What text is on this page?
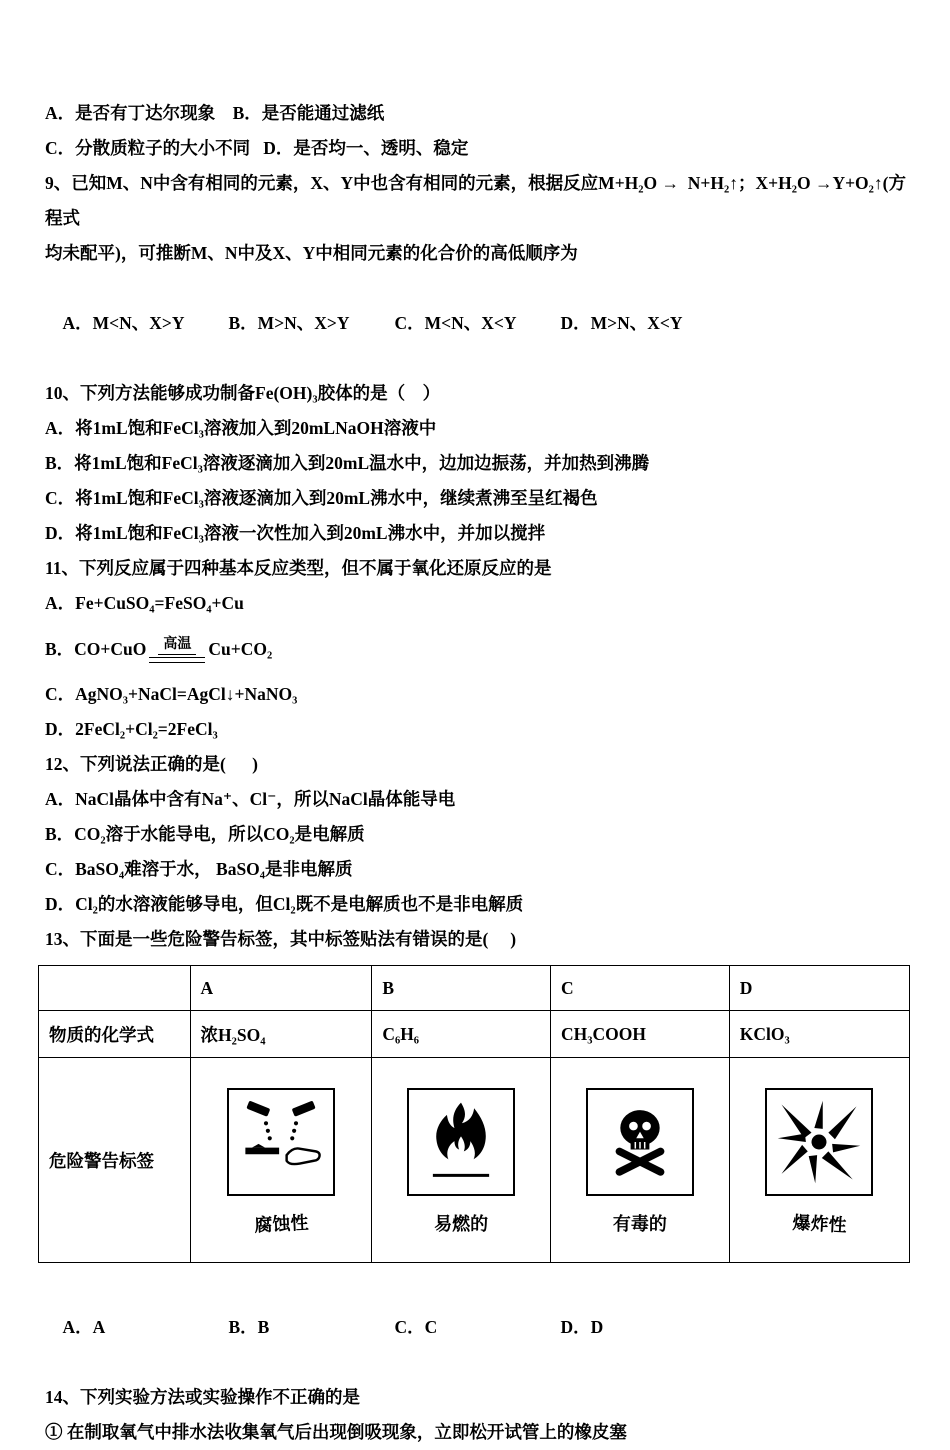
A．是否有丁达尔现象    B．是否能通过滤纸
C．分散质粒子的大小不同   D．是否均一、透明、稳定
9、已知M、N中含有相同的元素，X、Y中也含有相同的元素，根据反应M+H₂O →  N+H₂↑；X+H₂O →Y+O₂↑(方程式
均未配平)，可推断M、N中及X、Y中相同元素的化合价的高低顺序为

A．M<N、X>Y	B．M>N、X>Y	C．M<N、X<Y	D．M>N、X<Y

10、下列方法能够成功制备Fe(OH)₃胶体的是（    ）
A．将1mL饱和FeCl₃溶液加入到20mLNaOH溶液中
B．将1mL饱和FeCl₃溶液逐滴加入到20mL温水中，边加边振荡，并加热到沸腾
C．将1mL饱和FeCl₃溶液逐滴加入到20mL沸水中，继续煮沸至呈红褐色
D．将1mL饱和FeCl₃溶液一次性加入到20mL沸水中，并加以搅拌
11、下列反应属于四种基本反应类型，但不属于氧化还原反应的是
A．Fe+CuSO₄=FeSO₄+Cu
B．CO+CuO	高温 Cu+CO₂
C．AgNO₃+NaCl=AgCl↓+NaNO₃
D．2FeCl₂+Cl₂=2FeCl₃
12、下列说法正确的是(      )
A．NaCl晶体中含有Na⁺、Cl⁻，所以NaCl晶体能导电
B．CO₂溶于水能导电，所以CO₂是电解质
C．BaSO₄难溶于水， BaSO₄是非电解质
D．Cl₂的水溶液能够导电，但Cl₂既不是电解质也不是非电解质
13、下面是一些危险警告标签，其中标签贴法有错误的是(     )
	A	B	C	D
物质的化学式	浓H₂SO₄	C₆H₆	CH₃COOH	KClO₃
危险警告标签	腐蚀性	易燃的	有毒的	爆炸性

A．A	B．B	C．C	D．D

14、下列实验方法或实验操作不正确的是
① 在制取氧气中排水法收集氧气后出现倒吸现象，立即松开试管上的橡皮塞
